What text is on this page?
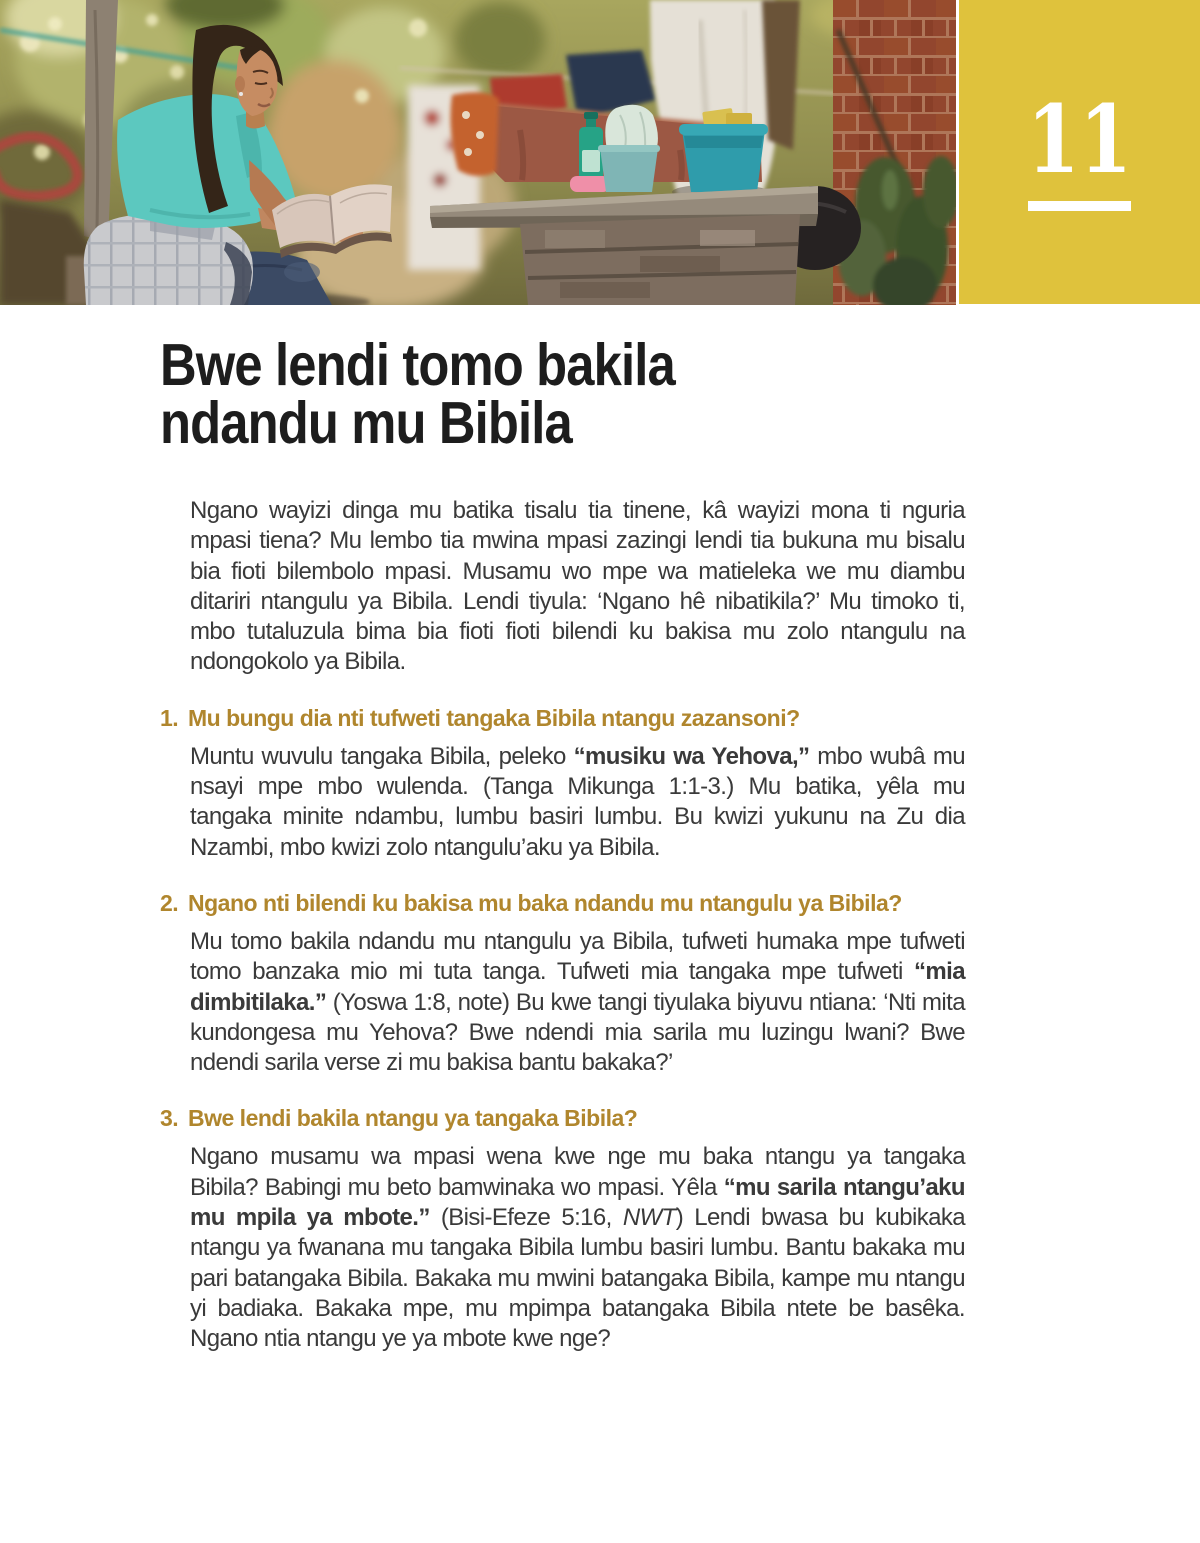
11
Bwe lendi tomo bakila
ndandu mu Bibila

Ngano wayizi dinga mu batika tisalu tia tinene, kâ wayizi mona ti nguria mpasi tiena? Mu lembo tia mwina mpasi zazingi lendi tia bukuna mu bisalu bia fioti bilembolo mpasi. Musamu wo mpe wa matieleka we mu diambu ditariri ntangulu ya Bibila. Lendi tiyula: ‘Ngano hê nibatikila?’ Mu timoko ti, mbo tutaluzula bima bia fioti fioti bilendi ku bakisa mu zolo ntangulu na ndongokolo ya Bibila.

1. Mu bungu dia nti tufweti tangaka Bibila ntangu zazansoni?

Muntu wuvulu tangaka Bibila, peleko “musiku wa Yehova,” mbo wubâ mu nsayi mpe mbo wulenda. (Tanga Mikunga 1:1-3.) Mu batika, yêla mu tangaka minite ndambu, lumbu basiri lumbu. Bu kwizi yukunu na Zu dia Nzambi, mbo kwizi zolo ntangulu’aku ya Bibila.

2. Ngano nti bilendi ku bakisa mu baka ndandu mu ntangulu ya Bibila?

Mu tomo bakila ndandu mu ntangulu ya Bibila, tufweti humaka mpe tufweti tomo banzaka mio mi tuta tanga. Tufweti mia tangaka mpe tufweti “mia dimbitilaka.” (Yoswa 1:8, note) Bu kwe tangi tiyulaka biyuvu ntiana: ‘Nti mita kundongesa mu Yehova? Bwe ndendi mia sarila mu luzingu lwani? Bwe ndendi sarila verse zi mu bakisa bantu bakaka?’

3. Bwe lendi bakila ntangu ya tangaka Bibila?

Ngano musamu wa mpasi wena kwe nge mu baka ntangu ya tangaka Bibila? Babingi mu beto bamwinaka wo mpasi. Yêla “mu sarila ntangu’aku mu mpila ya mbote.” (Bisi-Efeze 5:16, NWT) Lendi bwasa bu kubikaka ntangu ya fwanana mu tangaka Bibila lumbu basiri lumbu. Bantu bakaka mu pari batangaka Bibila. Bakaka mu mwini batangaka Bibila, kampe mu ntangu yi badiaka. Bakaka mpe, mu mpimpa batangaka Bibila ntete be basêka. Ngano ntia ntangu ye ya mbote kwe nge?
